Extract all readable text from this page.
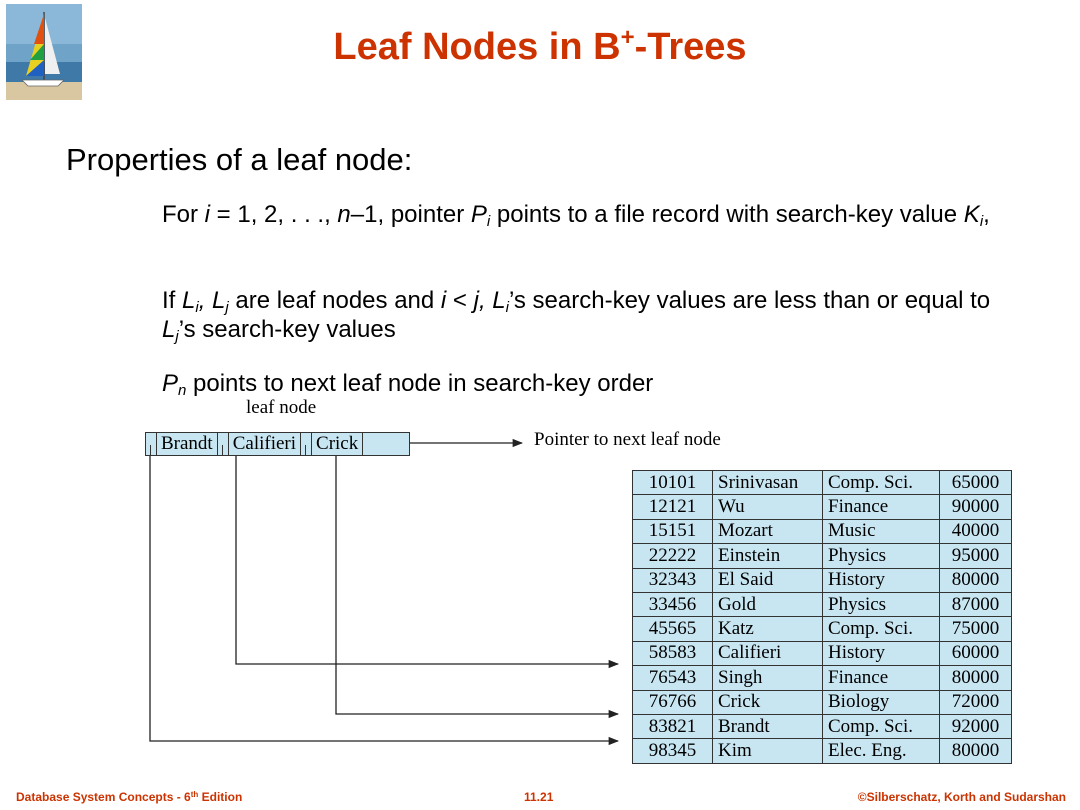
Leaf Nodes in B+-Trees

Properties of a leaf node:

For i = 1, 2, . . ., n–1, pointer $P_i$ points to a file record with search-key value $K_i$,

If $L_i$, $L_j$ are leaf nodes and i < j, $L_i’s$ search-key values are less than or equal to $L_j’s$ search-key values

$P_n$ points to next leaf node in search-key order

leaf node
Pointer to next leaf node
Brandt Califieri Crick
10101	Srinivasan	Comp. Sci.	65000
12121	Wu	Finance	90000
15151	Mozart	Music	40000
22222	Einstein	Physics	95000
32343	El Said	History	80000
33456	Gold	Physics	87000
45565	Katz	Comp. Sci.	75000
58583	Califieri	History	60000
76543	Singh	Finance	80000
76766	Crick	Biology	72000
83821	Brandt	Comp. Sci.	92000
98345	Kim	Elec. Eng.	80000
Database System Concepts - 6th Edition	11.21	©Silberschatz, Korth and Sudarshan
